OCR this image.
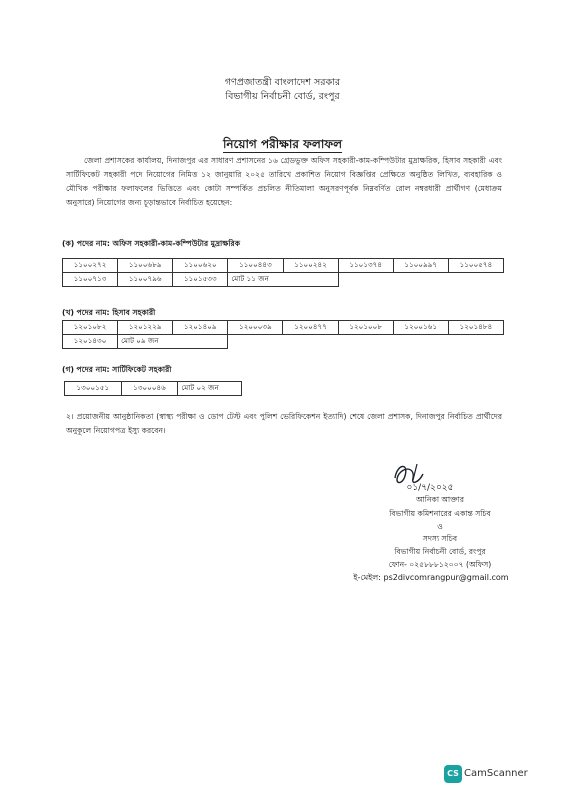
গণপ্রজাতন্ত্রী বাংলাদেশ সরকার
বিভাগীয় নির্বাচনী বোর্ড, রংপুর
নিয়োগ পরীক্ষার ফলাফল
জেলা প্রশাসকের কার্যালয়, দিনাজপুর এর সাধারণ প্রশাসনের ১৬ গ্রেডভুক্ত অফিস সহকারী-কাম-কম্পিউটার মুদ্রাক্ষরিক, হিসাব সহকারী এবং সার্টিফিকেট সহকারী পদে নিয়োগের নিমিত্ত ১২ জানুয়ারি ২০২৫ তারিখে প্রকাশিত নিয়োগ বিজ্ঞপ্তির প্রেক্ষিতে অনুষ্ঠিত লিখিত, ব্যবহারিক ও মৌখিক পরীক্ষার ফলাফলের ভিত্তিতে এবং কোটা সম্পর্কিত প্রচলিত নীতিমালা অনুসরণপূর্বক নিম্নবর্ণিত রোল নম্বরধারী প্রার্থীগণ (মেধাক্রম অনুসারে) নিয়োগের জন্য চূড়ান্তভাবে নির্বাচিত হয়েছেন:
(ক) পদের নাম: অফিস সহকারী-কাম-কম্পিউটার মুদ্রাক্ষরিক
১১০০২৭২	১১০০৬৮৯	১১০০৬২০	১১০০৪৪৩	১১০০২৪২	১১০১৩৭৪	১১০০৯৯৭	১১০০৫৭৪
১১০০৭১৩	১১০০৭৯৬	১১০১৫৩৩	মোট ১১ জন				
(খ) পদের নাম: হিসাব সহকারী
১২০১০৮২	১২০১২২৯	১২০১৪০৯	১২০০০৩৯	১২০০৪৭৭	১২০১০০৮	১২০০১৬১	১২০১৪৮৪
১২০১৪৩০	মোট ০৯ জন						
(গ) পদের নাম: সার্টিফিকেট সহকারী
১৩০০১৫১	১৩০০০৪৬	মোট ০২ জন
২। প্রয়োজনীয় আনুষ্ঠানিকতা (স্বাস্থ্য পরীক্ষা ও ডোপ টেস্ট এবং পুলিশ ভেরিফিকেশন ইত্যাদি) শেষে জেলা প্রশাসক, দিনাজপুর নির্বাচিত প্রার্থীদের অনুকূলে নিয়োগপত্র ইস্যু করবেন।
০১/৭/২০২৫
আনিকা আক্তার
বিভাগীয় কমিশনারের একান্ত সচিব
ও
সদস্য সচিব
বিভাগীয় নির্বাচনী বোর্ড, রংপুর
ফোন- ০২৫৮৮৮১২০০৭ (অফিস)
ই-মেইল: ps2divcomrangpur@gmail.com
CS CamScanner
